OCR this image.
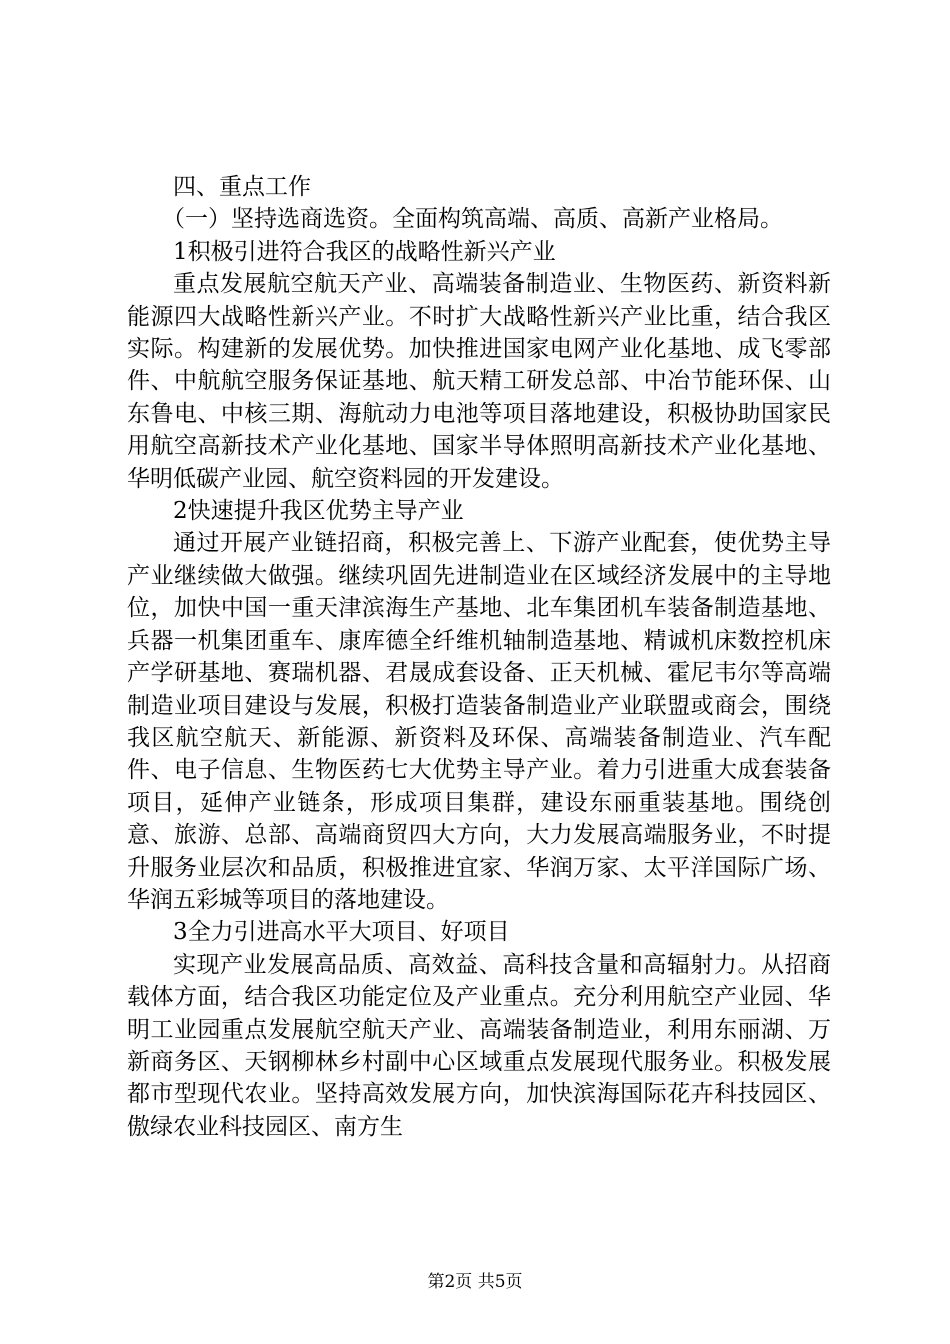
四、重点工作

（一）坚持选商选资。全面构筑高端、高质、高新产业格局。

1积极引进符合我区的战略性新兴产业

重点发展航空航天产业、高端装备制造业、生物医药、新资料新能源四大战略性新兴产业。不时扩大战略性新兴产业比重，结合我区实际。构建新的发展优势。加快推进国家电网产业化基地、成飞零部件、中航航空服务保证基地、航天精工研发总部、中冶节能环保、山东鲁电、中核三期、海航动力电池等项目落地建设，积极协助国家民用航空高新技术产业化基地、国家半导体照明高新技术产业化基地、华明低碳产业园、航空资料园的开发建设。

2快速提升我区优势主导产业

通过开展产业链招商，积极完善上、下游产业配套，使优势主导产业继续做大做强。继续巩固先进制造业在区域经济发展中的主导地位，加快中国一重天津滨海生产基地、北车集团机车装备制造基地、兵器一机集团重车、康库德全纤维机轴制造基地、精诚机床数控机床产学研基地、赛瑞机器、君晟成套设备、正天机械、霍尼韦尔等高端制造业项目建设与发展，积极打造装备制造业产业联盟或商会，围绕我区航空航天、新能源、新资料及环保、高端装备制造业、汽车配件、电子信息、生物医药七大优势主导产业。着力引进重大成套装备项目，延伸产业链条，形成项目集群，建设东丽重装基地。围绕创意、旅游、总部、高端商贸四大方向，大力发展高端服务业，不时提升服务业层次和品质，积极推进宜家、华润万家、太平洋国际广场、华润五彩城等项目的落地建设。

3全力引进高水平大项目、好项目

实现产业发展高品质、高效益、高科技含量和高辐射力。从招商载体方面，结合我区功能定位及产业重点。充分利用航空产业园、华明工业园重点发展航空航天产业、高端装备制造业，利用东丽湖、万新商务区、天钢柳林乡村副中心区域重点发展现代服务业。积极发展都市型现代农业。坚持高效发展方向，加快滨海国际花卉科技园区、傲绿农业科技园区、南方生

第2页 共5页
